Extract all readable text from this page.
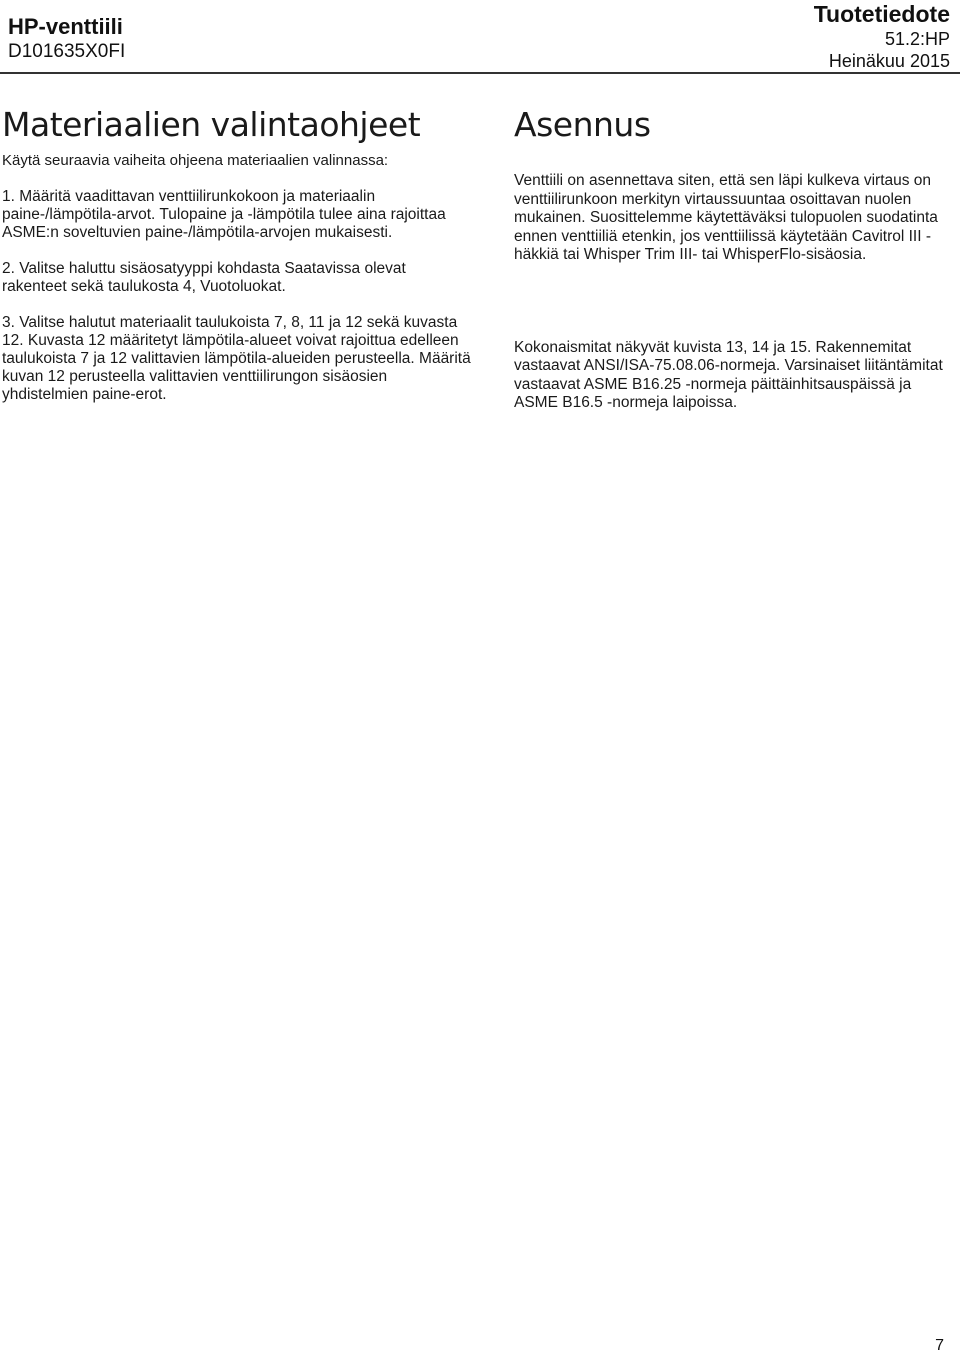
HP-venttiili
D101635X0FI
Tuotetiedote
51.2:HP
Heinäkuu 2015
Materiaalien valintaohjeet

Käytä seuraavia vaiheita ohjeena materiaalien valinnassa:

1. Määritä vaadittavan venttiilirunkokoon ja materiaalin paine-/lämpötila-arvot. Tulopaine ja -lämpötila tulee aina rajoittaa ASME:n soveltuvien paine-/lämpötila-arvojen mukaisesti.

2. Valitse haluttu sisäosatyyppi kohdasta Saatavissa olevat rakenteet sekä taulukosta 4, Vuotoluokat.

3. Valitse halutut materiaalit taulukoista 7, 8, 11 ja 12 sekä kuvasta 12. Kuvasta 12 määritetyt lämpötila-alueet voivat rajoittua edelleen taulukoista 7 ja 12 valittavien lämpötila-alueiden perusteella. Määritä kuvan 12 perusteella valittavien venttiilirungon sisäosien yhdistelmien paine-erot.

Asennus

Venttiili on asennettava siten, että sen läpi kulkeva virtaus on venttiilirunkoon merkityn virtaussuuntaa osoittavan nuolen mukainen. Suosittelemme käytettäväksi tulopuolen suodatinta ennen venttiiliä etenkin, jos venttiilissä käytetään Cavitrol III -häkkiä tai Whisper Trim III- tai WhisperFlo-sisäosia.

Kokonaismitat näkyvät kuvista 13, 14 ja 15. Rakennemitat vastaavat ANSI/ISA-75.08.06-normeja. Varsinaiset liitäntämitat vastaavat ASME B16.25 -normeja päittäinhitsauspäissä ja ASME B16.5 -normeja laipoissa.

7
